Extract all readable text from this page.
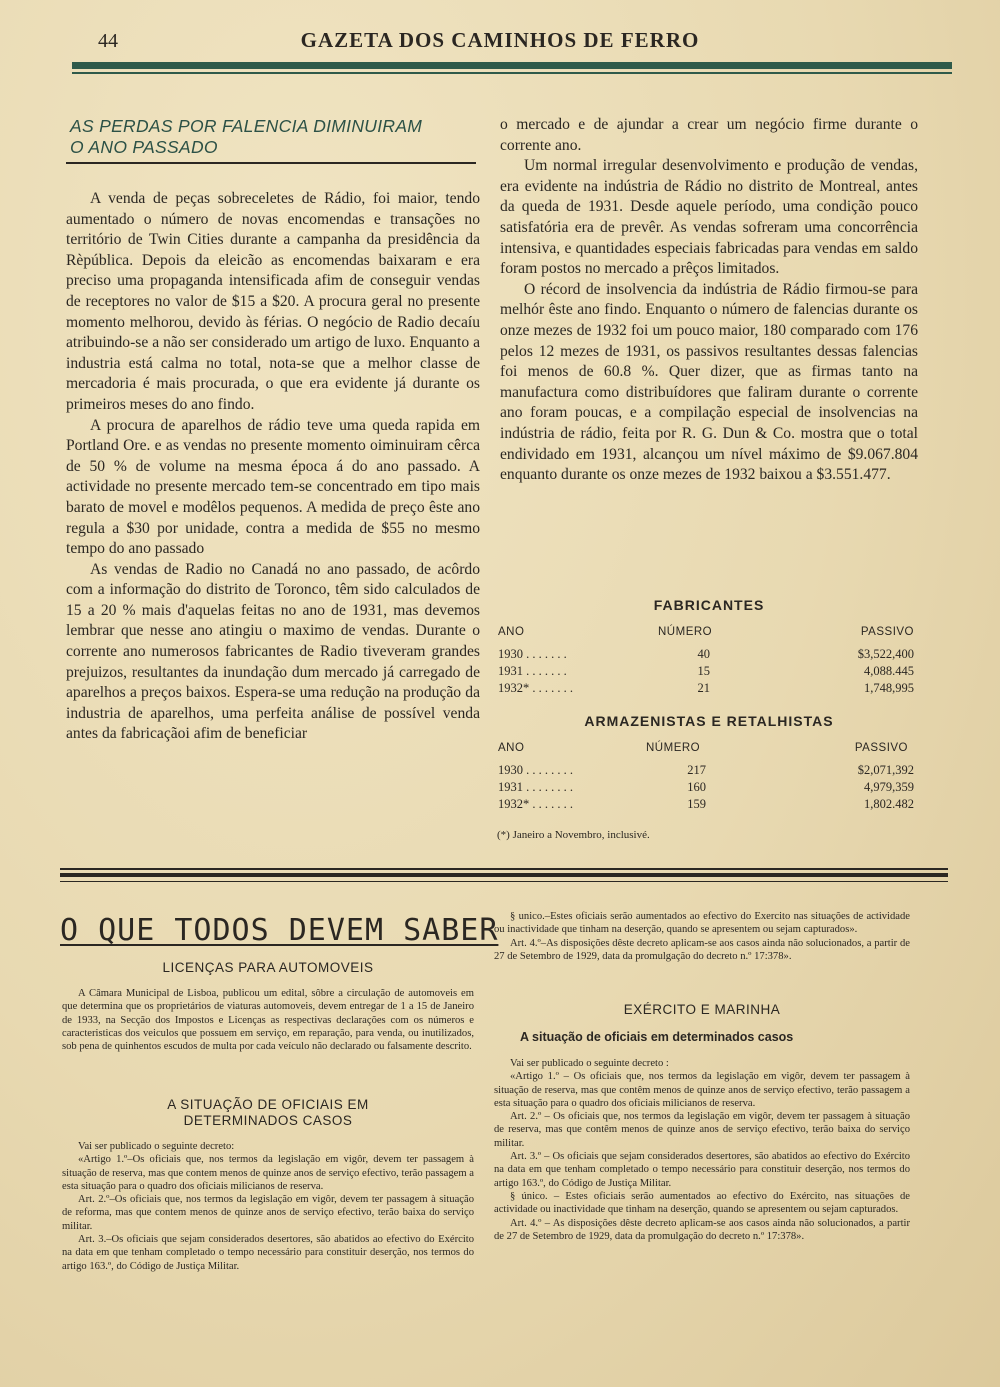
44	GAZETA DOS CAMINHOS DE FERRO
AS PERDAS POR FALENCIA DIMINUIRAM
O ANO PASSADO

A venda de peças sobreceletes de Rádio, foi maior, tendo aumentado o número de novas encomendas e transações no território de Twin Cities durante a campanha da presidência da Rèpública. Depois da eleicão as encomendas baixaram e era preciso uma propaganda intensificada afim de conseguir vendas de receptores no valor de $15 a $20. A procura geral no presente momento melhorou, devido às férias. O negócio de Radio decaíu atribuindo-se a não ser considerado um artigo de luxo. Enquanto a industria está calma no total, nota-se que a melhor classe de mercadoria é mais procurada, o que era evidente já durante os primeiros meses do ano findo.

A procura de aparelhos de rádio teve uma queda rapida em Portland Ore. e as vendas no presente momento oiminuiram cêrca de 50 % de volume na mesma época á do ano passado. A actividade no presente mercado tem-se concentrado em tipo mais barato de movel e modêlos pequenos. A medida de preço êste ano regula a $30 por unidade, contra a medida de $55 no mesmo tempo do ano passado

As vendas de Radio no Canadá no ano passado, de acôrdo com a informação do distrito de Toronco, têm sido calculados de 15 a 20 % mais d'aquelas feitas no ano de 1931, mas devemos lembrar que nesse ano atingiu o maximo de vendas. Durante o corrente ano numerosos fabricantes de Radio tiveveram grandes prejuizos, resultantes da inundação dum mercado já carregado de aparelhos a preços baixos. Espera-se uma redução na produção da industria de aparelhos, uma perfeita análise de possível venda antes da fabricaçãoi afim de beneficiar

o mercado e de ajundar a crear um negócio firme durante o corrente ano.

Um normal irregular desenvolvimento e produção de vendas, era evidente na indústria de Rádio no distrito de Montreal, antes da queda de 1931. Desde aquele período, uma condição pouco satisfatória era de prevêr. As vendas sofreram uma concorrência intensiva, e quantidades especiais fabricadas para vendas em saldo foram postos no mercado a prêços limitados.

O récord de insolvencia da indústria de Rádio firmou-se para melhór êste ano findo. Enquanto o número de falencias durante os onze mezes de 1932 foi um pouco maior, 180 comparado com 176 pelos 12 mezes de 1931, os passivos resultantes dessas falencias foi menos de 60.8 %. Quer dizer, que as firmas tanto na manufactura como distribuídores que faliram durante o corrente ano foram poucas, e a compilação especial de insolvencias na indústria de rádio, feita por R. G. Dun & Co. mostra que o total endividado em 1931, alcançou um nível máximo de $9.067.804 enquanto durante os onze mezes de 1932 baixou a $3.551.477.

FABRICANTES
ANO	NÚMERO	PASSIVO
1930 . . . . . . .	40	$3,522,400
1931 . . . . . . .	15	4,088.445
1932* . . . . . . .	21	1,748,995
ARMAZENISTAS E RETALHISTAS
ANO	NÚMERO	PASSIVO
1930 . . . . . . . .	217	$2,071,392
1931 . . . . . . . .	160	4,979,359
1932* . . . . . . .	159	1,802.482
(*) Janeiro a Novembro, inclusivé.
O QUE TODOS DEVEM SABER
LICENÇAS PARA AUTOMOVEIS

A Câmara Municipal de Lisboa, publicou um edital, sôbre a circulação de automoveis em que determina que os proprietários de viaturas automoveis, devem entregar de 1 a 15 de Janeiro de 1933, na Secção dos Impostos e Licenças as respectivas declarações com os números e caracteristicas dos veiculos que possuem em serviço, em reparação, para venda, ou inutilizados, sob pena de quinhentos escudos de multa por cada veículo não declarado ou falsamente descrito.

A SITUAÇÃO DE OFICIAIS EM
DETERMINADOS CASOS

Vai ser publicado o seguinte decreto:

«Artigo 1.º–Os oficiais que, nos termos da legislação em vigôr, devem ter passagem à situação de reserva, mas que contem menos de quinze anos de serviço efectivo, terão passagem a esta situação para o quadro dos oficiais milicianos de reserva.

Art. 2.º–Os oficiais que, nos termos da legislação em vigôr, devem ter passagem à situação de reforma, mas que contem menos de quinze anos de serviço efectivo, terão baixa do serviço militar.

Art. 3.–Os oficiais que sejam considerados desertores, são abatidos ao efectivo do Exército na data em que tenham completado o tempo necessário para constituir deserção, nos termos do artigo 163.º, do Código de Justiça Militar.

§ unico.–Estes oficiais serão aumentados ao efectivo do Exercito nas situações de actividade ou inactividade que tinham na deserção, quando se apresentem ou sejam capturados».

Art. 4.º–As disposições dêste decreto aplicam-se aos casos ainda não solucionados, a partir de 27 de Setembro de 1929, data da promulgação do decreto n.º 17:378».

EXÉRCITO E MARINHA
A situação de oficiais em determinados casos

Vai ser publicado o seguinte decreto :

«Artigo 1.º – Os oficiais que, nos termos da legislação em vigôr, devem ter passagem à situação de reserva, mas que contêm menos de quinze anos de serviço efectivo, terão passagem a esta situação para o quadro dos oficiais milicianos de reserva.

Art. 2.º – Os oficiais que, nos termos da legislação em vigôr, devem ter passagem à situação de reserva, mas que contêm menos de quinze anos de serviço efectivo, terão baixa do serviço militar.

Art. 3.º – Os oficiais que sejam considerados desertores, são abatidos ao efectivo do Exército na data em que tenham completado o tempo necessário para constituir deserção, nos termos do artigo 163.º, do Código de Justiça Militar.

§ único. – Estes oficiais serão aumentados ao efectivo do Exército, nas situações de actividade ou inactividade que tinham na deserção, quando se apresentem ou sejam capturados.

Art. 4.º – As disposições dêste decreto aplicam-se aos casos ainda não solucionados, a partir de 27 de Setembro de 1929, data da promulgação do decreto n.º 17:378».
